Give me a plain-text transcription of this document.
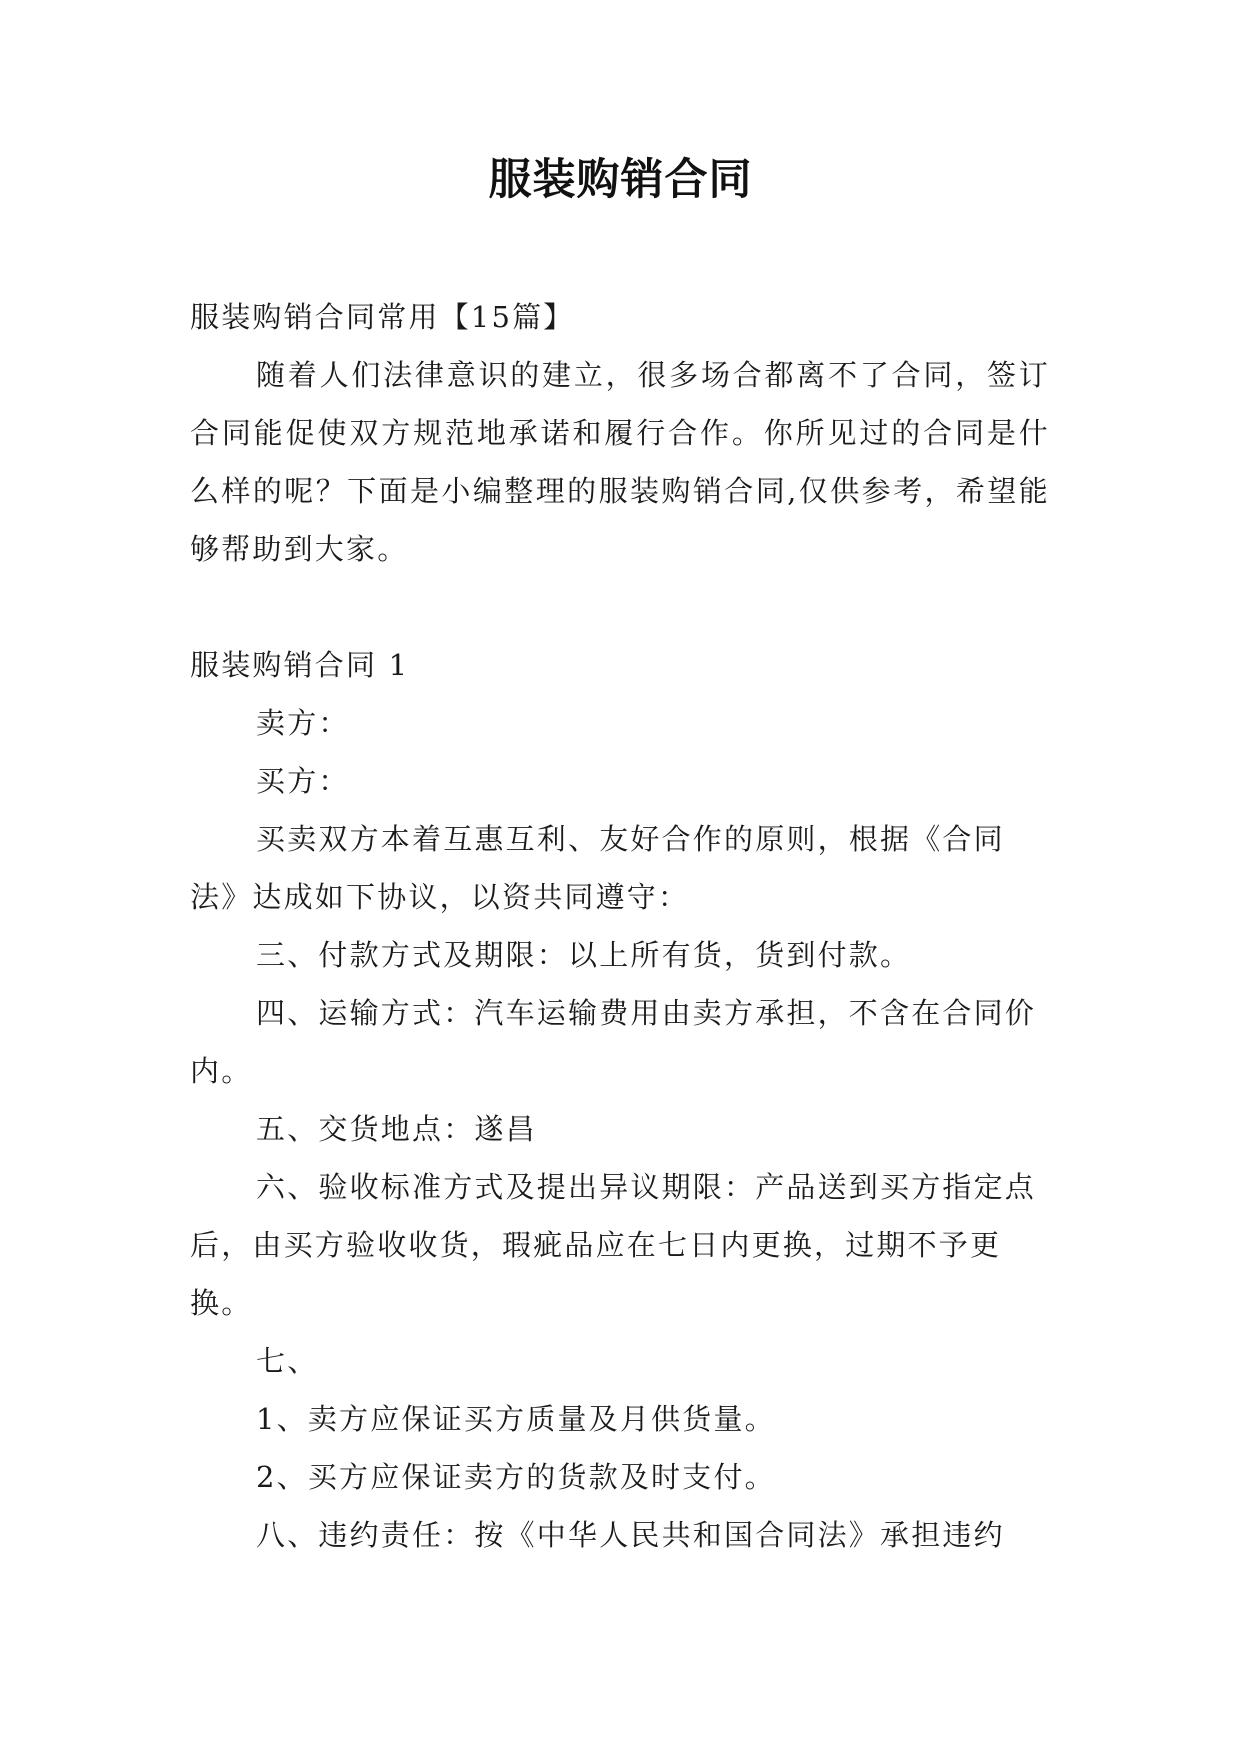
服装购销合同

服装购销合同常用【15篇】

随着人们法律意识的建立，很多场合都离不了合同，签订合同能促使双方规范地承诺和履行合作。你所见过的合同是什么样的呢？下面是小编整理的服装购销合同,仅供参考，希望能够帮助到大家。

服装购销合同 1

卖方：

买方：

买卖双方本着互惠互利、友好合作的原则，根据《合同法》达成如下协议，以资共同遵守：

三、付款方式及期限：以上所有货，货到付款。

四、运输方式：汽车运输费用由卖方承担，不含在合同价内。

五、交货地点：遂昌

六、验收标准方式及提出异议期限：产品送到买方指定点后，由买方验收收货，瑕疵品应在七日内更换，过期不予更换。

七、

1、卖方应保证买方质量及月供货量。

2、买方应保证卖方的货款及时支付。

八、违约责任：按《中华人民共和国合同法》承担违约
